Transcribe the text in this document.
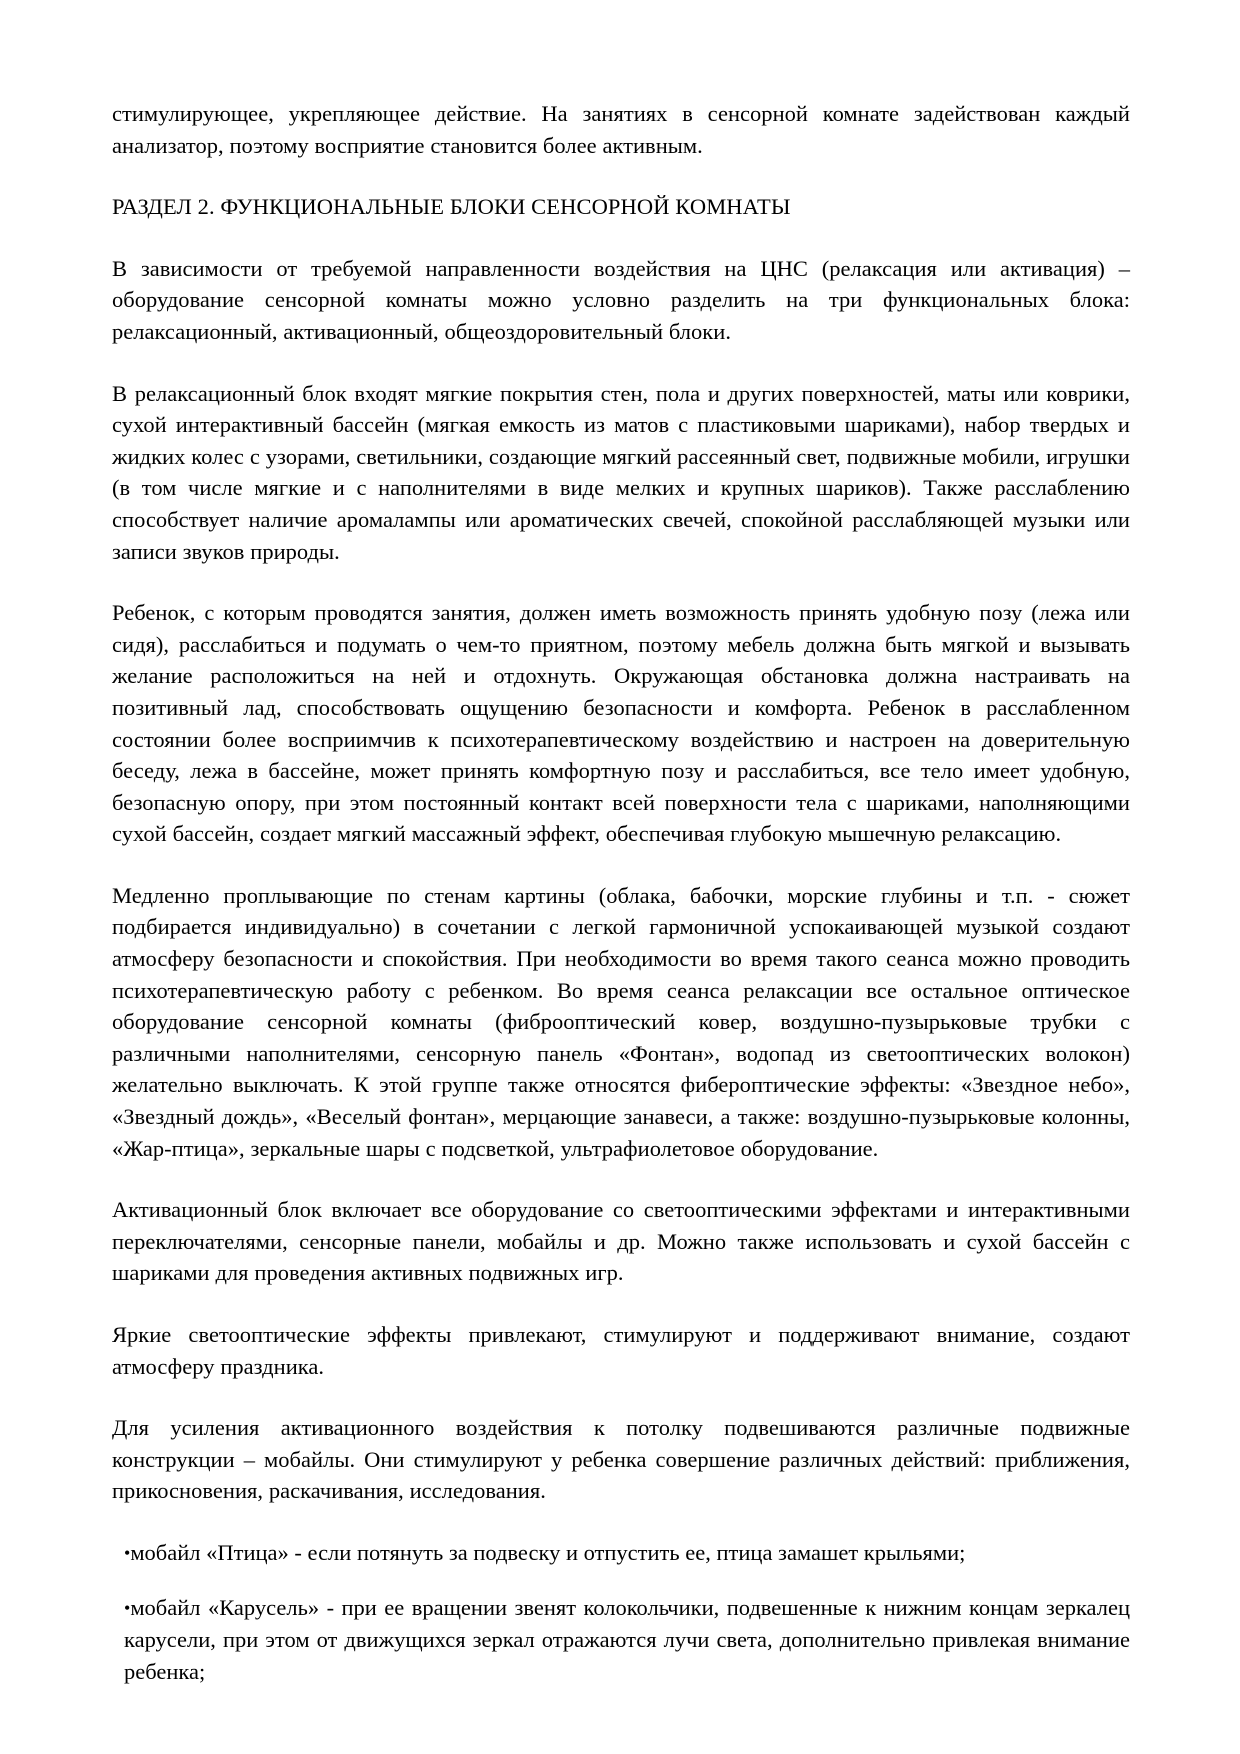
стимулирующее, укрепляющее действие. На занятиях в сенсорной комнате задействован каждый анализатор, поэтому восприятие становится более активным.

РАЗДЕЛ 2. ФУНКЦИОНАЛЬНЫЕ БЛОКИ СЕНСОРНОЙ КОМНАТЫ

В зависимости от требуемой направленности воздействия на ЦНС (релаксация или активация) – оборудование сенсорной комнаты можно условно разделить на три функциональных блока: релаксационный, активационный, общеоздоровительный блоки.

В релаксационный блок входят мягкие покрытия стен, пола и других поверхностей, маты или коврики, сухой интерактивный бассейн (мягкая емкость из матов с пластиковыми шариками), набор твердых и жидких колес с узорами, светильники, создающие мягкий рассеянный свет, подвижные мобили, игрушки (в том числе мягкие и с наполнителями в виде мелких и крупных шариков). Также расслаблению способствует наличие аромалампы или ароматических свечей, спокойной расслабляющей музыки или записи звуков природы.

Ребенок, с которым проводятся занятия, должен иметь возможность принять удобную позу (лежа или сидя), расслабиться и подумать о чем-то приятном, поэтому мебель должна быть мягкой и вызывать желание расположиться на ней и отдохнуть. Окружающая обстановка должна настраивать на позитивный лад, способствовать ощущению безопасности и комфорта. Ребенок в расслабленном состоянии более восприимчив к психотерапевтическому воздействию и настроен на доверительную беседу, лежа в бассейне, может принять комфортную позу и расслабиться, все тело имеет удобную, безопасную опору, при этом постоянный контакт всей поверхности тела с шариками, наполняющими сухой бассейн, создает мягкий массажный эффект, обеспечивая глубокую мышечную релаксацию.

Медленно проплывающие по стенам картины (облака, бабочки, морские глубины и т.п. - сюжет подбирается индивидуально) в сочетании с легкой гармоничной успокаивающей музыкой создают атмосферу безопасности и спокойствия. При необходимости во время такого сеанса можно проводить психотерапевтическую работу с ребенком. Во время сеанса релаксации все остальное оптическое оборудование сенсорной комнаты (фиброоптический ковер, воздушно-пузырьковые трубки с различными наполнителями, сенсорную панель «Фонтан», водопад из светооптических волокон) желательно выключать. К этой группе также относятся фибероптические эффекты: «Звездное небо», «Звездный дождь», «Веселый фонтан», мерцающие занавеси, а также: воздушно-пузырьковые колонны, «Жар-птица», зеркальные шары с подсветкой, ультрафиолетовое оборудование.

Активационный блок включает все оборудование со светооптическими эффектами и интерактивными переключателями, сенсорные панели, мобайлы и др. Можно также использовать и сухой бассейн с шариками для проведения активных подвижных игр.

Яркие светооптические эффекты привлекают, стимулируют и поддерживают внимание, создают атмосферу праздника.

Для усиления активационного воздействия к потолку подвешиваются различные подвижные конструкции – мобайлы. Они стимулируют у ребенка совершение различных действий: приближения, прикосновения, раскачивания, исследования.

•мобайл «Птица» - если потянуть за подвеску и отпустить ее, птица замашет крыльями;

•мобайл «Карусель» - при ее вращении звенят колокольчики, подвешенные к нижним концам зеркалец карусели, при этом от движущихся зеркал отражаются лучи света, дополнительно привлекая внимание ребенка;
